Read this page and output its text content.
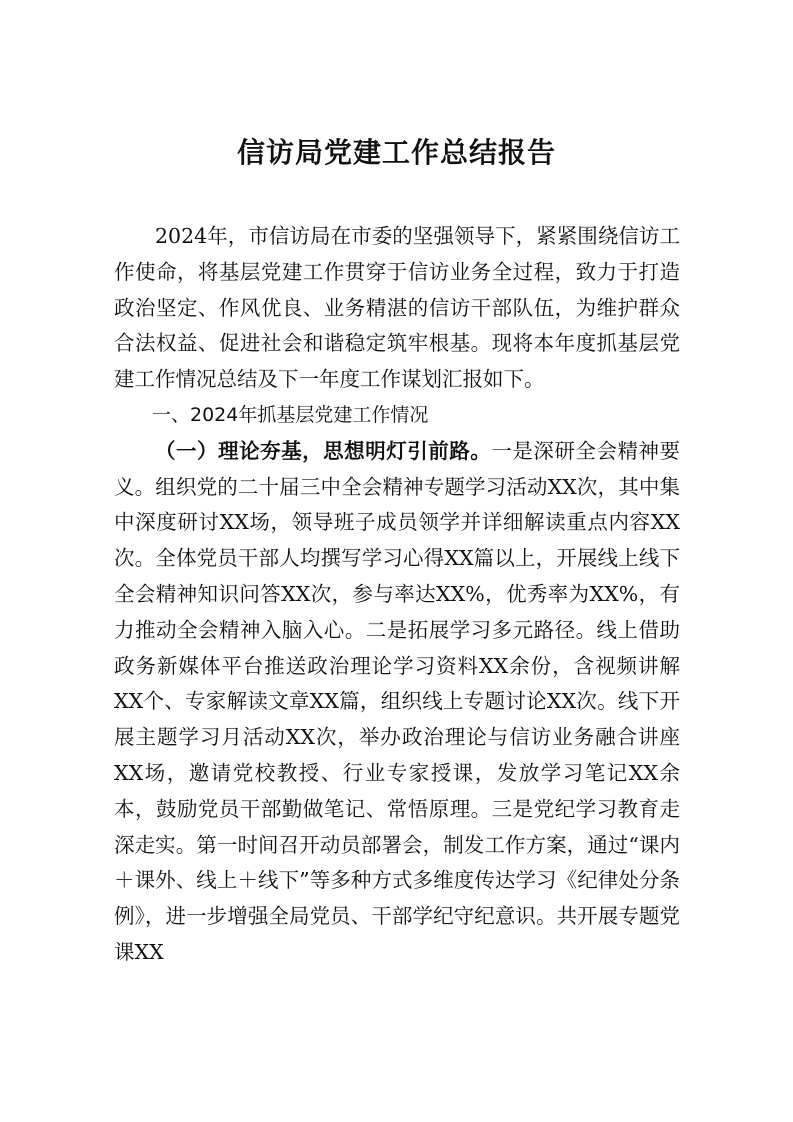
信访局党建工作总结报告

2024年，市信访局在市委的坚强领导下，紧紧围绕信访工作使命，将基层党建工作贯穿于信访业务全过程，致力于打造政治坚定、作风优良、业务精湛的信访干部队伍，为维护群众合法权益、促进社会和谐稳定筑牢根基。现将本年度抓基层党建工作情况总结及下一年度工作谋划汇报如下。

一、2024年抓基层党建工作情况

（一）理论夯基，思想明灯引前路。一是深研全会精神要义。组织党的二十届三中全会精神专题学习活动XX次，其中集中深度研讨XX场，领导班子成员领学并详细解读重点内容XX次。全体党员干部人均撰写学习心得XX篇以上，开展线上线下全会精神知识问答XX次，参与率达XX%，优秀率为XX%，有力推动全会精神入脑入心。二是拓展学习多元路径。线上借助政务新媒体平台推送政治理论学习资料XX余份，含视频讲解XX个、专家解读文章XX篇，组织线上专题讨论XX次。线下开展主题学习月活动XX次，举办政治理论与信访业务融合讲座XX场，邀请党校教授、行业专家授课，发放学习笔记XX余本，鼓励党员干部勤做笔记、常悟原理。三是党纪学习教育走深走实。第一时间召开动员部署会，制发工作方案，通过“课内＋课外、线上＋线下”等多种方式多维度传达学习《纪律处分条例》，进一步增强全局党员、干部学纪守纪意识。共开展专题党课XX
